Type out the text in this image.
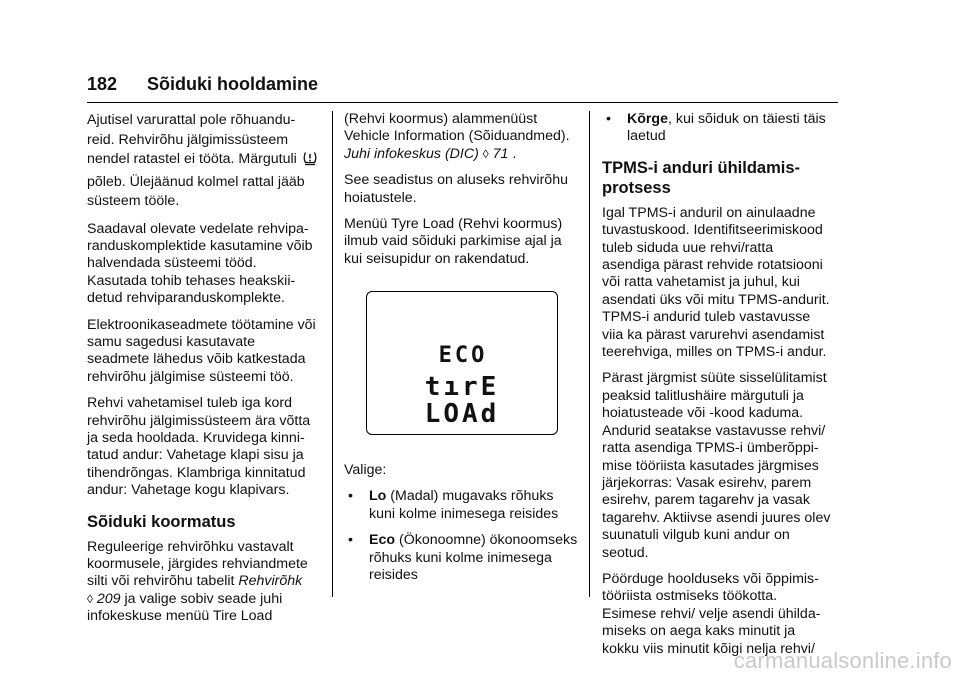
182 Sõiduki hooldamine

Ajutisel varurattal pole rõhuandu-
reid. Rehvirõhu jälgimissüsteem
nendel ratastel ei tööta. Märgutuli
põleb. Ülejäänud kolmel rattal jääb
süsteem tööle.

Saadaval olevate vedelate rehvipa-
randuskomplektide kasutamine võib
halvendada süsteemi tööd.
Kasutada tohib tehases heakskii-
detud rehviparanduskomplekte.

Elektroonikaseadmete töötamine või
samu sagedusi kasutavate
seadmete lähedus võib katkestada
rehvirõhu jälgimise süsteemi töö.

Rehvi vahetamisel tuleb iga kord
rehvirõhu jälgimissüsteem ära võtta
ja seda hooldada. Kruvidega kinni-
tatud andur: Vahetage klapi sisu ja
tihendrõngas. Klambriga kinnitatud
andur: Vahetage kogu klapivars.

Sõiduki koormatus

Reguleerige rehvirõhku vastavalt
koormusele, järgides rehviandmete
silti või rehvirõhu tabelit Rehvirõhk
◊ 209 ja valige sobiv seade juhi
infokeskuse menüü Tire Load

(Rehvi koormus) alammenüüst
Vehicle Information (Sõiduandmed).
Juhi infokeskus (DIC) ◊ 71 .

See seadistus on aluseks rehvirõhu
hoiatustele.

Menüü Tyre Load (Rehvi koormus)
ilmub vaid sõiduki parkimise ajal ja
kui seisupidur on rakendatud.

ECO
tırE
LOAd

Valige:

• Lo (Madal) mugavaks rõhuks
kuni kolme inimesega reisides
• Eco (Ökonoomne) ökonoomseks
rõhuks kuni kolme inimesega
reisides
• Kõrge, kui sõiduk on täiesti täis
laetud
TPMS-i anduri ühildamis-
protsess

Igal TPMS-i anduril on ainulaadne
tuvastuskood. Identifitseerimiskood
tuleb siduda uue rehvi/ratta
asendiga pärast rehvide rotatsiooni
või ratta vahetamist ja juhul, kui
asendati üks või mitu TPMS-andurit.
TPMS-i andurid tuleb vastavusse
viia ka pärast varurehvi asendamist
teerehviga, milles on TPMS-i andur.

Pärast järgmist süüte sisselülitamist
peaksid talitlushäire märgutuli ja
hoiatusteade või -kood kaduma.
Andurid seatakse vastavusse rehvi/
ratta asendiga TPMS-i ümberõppi-
mise tööriista kasutades järgmises
järjekorras: Vasak esirehv, parem
esirehv, parem tagarehv ja vasak
tagarehv. Aktiivse asendi juures olev
suunatuli vilgub kuni andur on
seotud.

Pöörduge hoolduseks või õppimis-
tööriista ostmiseks töökotta.
Esimese rehvi/ velje asendi ühilda-
miseks on aega kaks minutit ja
kokku viis minutit kõigi nelja rehvi/

carmanualsonline.info
